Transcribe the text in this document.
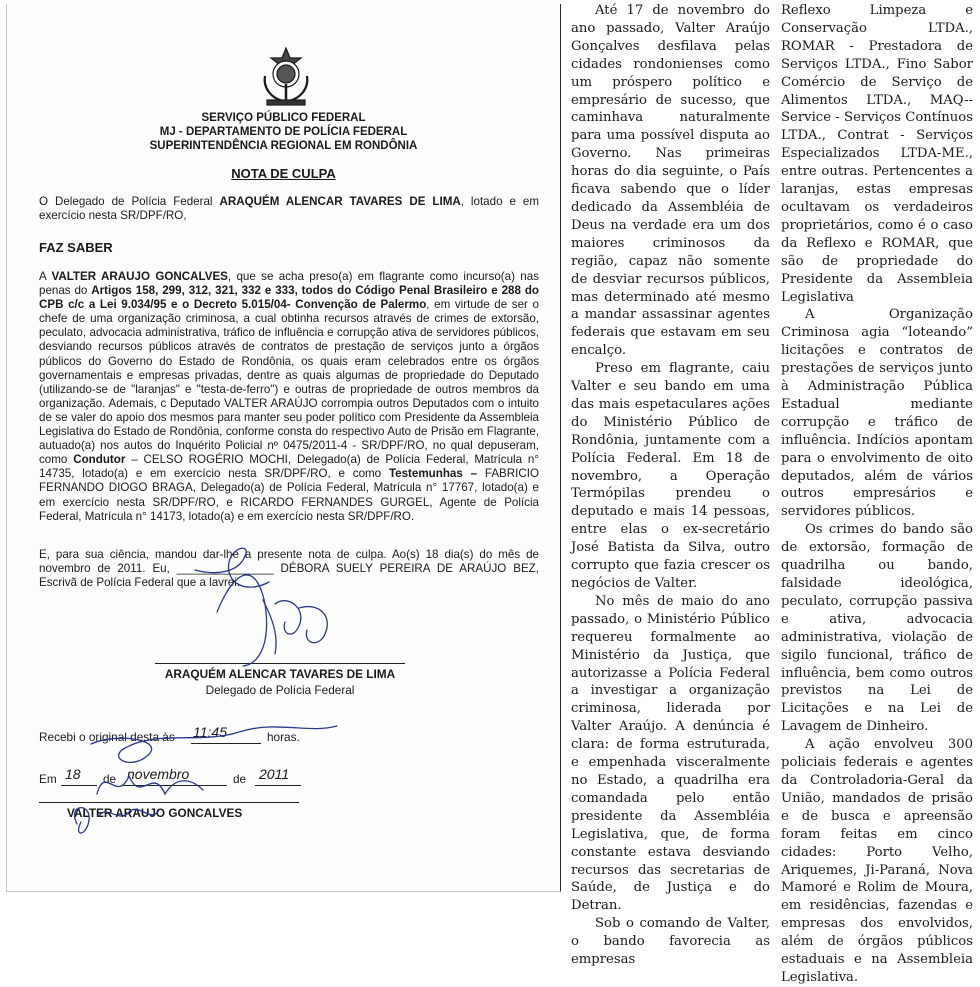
SERVIÇO PÚBLICO FEDERAL
MJ - DEPARTAMENTO DE POLÍCIA FEDERAL
SUPERINTENDÊNCIA REGIONAL EM RONDÔNIA
NOTA DE CULPA
O Delegado de Polícia Federal ARAQUÉM ALENCAR TAVARES DE LIMA, lotado e em exercício nesta SR/DPF/RO,
FAZ SABER
A VALTER ARAUJO GONCALVES, que se acha preso(a) em flagrante como incurso(a) nas penas do Artigos 158, 299, 312, 321, 332 e 333, todos do Código Penal Brasileiro e 288 do CPB c/c a Lei 9.034/95 e o Decreto 5.015/04- Convenção de Palermo, em virtude de ser o chefe de uma organização criminosa, a cual obtinha recursos através de crimes de extorsão, peculato, advocacia administrativa, tráfico de influência e corrupção ativa de servidores públicos, desviando recursos públicos através de contratos de prestação de serviços junto a órgãos públicos do Governo do Estado de Rondônia, os quais eram celebrados entre os órgãos governamentais e empresas privadas, dentre as quais algumas de propriedade do Deputado (utilizando-se de "laranjas" e "testa-de-ferro") e outras de propriedade de outros membros da organização. Ademais, c Deputado VALTER ARAÚJO corrompia outros Deputados com o intuito de se valer do apoio dos mesmos para manter seu poder político com Presidente da Assembleia Legislativa do Estado de Rondônia, conforme consta do respectivo Auto de Prisão em Flagrante, autuado(a) nos autos do Inquérito Policial nº 0475/2011-4 - SR/DPF/RO, no qual depuseram, como Condutor – CELSO ROGÉRIO MOCHI, Delegado(a) de Polícia Federal, Matrícula n° 14735, lotado(a) e em exercício nesta SR/DPF/RO, e como Testemunhas – FABRICIO FERNANDO DIOGO BRAGA, Delegado(a) de Polícia Federal, Matrícula n° 17767, lotado(a) e em exercício nesta SR/DPF/RO, e RICARDO FERNANDES GURGEL, Agente de Polícia Federal, Matrícula n° 14173, lotado(a) e em exercício nesta SR/DPF/RO.
E, para sua ciência, mandou dar-lhe a presente nota de culpa. Ao(s) 18 dia(s) do mês de novembro de 2011. Eu, _______________ DÉBORA SUELY PEREIRA DE ARAÚJO BEZ, Escrivã de Polícia Federal que a lavrei.
ARAQUÉM ALENCAR TAVARES DE LIMA
Delegado de Polícia Federal
Recebi o original desta às 11:45	horas.
Em 18 de novembro	de 2011
VALTER ARAUJO GONCALVES

Até 17 de novembro do ano passado, Valter Araújo Gonçalves desfilava pelas cidades rondonienses como um próspero político e empresário de sucesso, que caminhava naturalmente para uma possível disputa ao Governo. Nas primeiras horas do dia seguinte, o País ficava sabendo que o líder dedicado da Assembléia de Deus na verdade era um dos maiores criminosos da região, capaz não somente de desviar recursos públicos, mas determinado até mesmo a mandar assassinar agentes federais que estavam em seu encalço.

Preso em flagrante, caiu Valter e seu bando em uma das mais espetaculares ações do Ministério Público de Rondônia, juntamente com a Polícia Federal. Em 18 de novembro, a Operação Termópilas prendeu o deputado e mais 14 pessoas, entre elas o ex-secretário José Batista da Silva, outro corrupto que fazia crescer os negócios de Valter.

No mês de maio do ano passado, o Ministério Público requereu formalmente ao Ministério da Justiça, que autorizasse a Polícia Federal a investigar a organização criminosa, liderada por Valter Araújo. A denúncia é clara: de forma estruturada, e empenhada visceralmente no Estado, a quadrilha era comandada pelo então presidente da Assembléia Legislativa, que, de forma constante estava desviando recursos das secretarias de Saúde, de Justiça e do Detran.

Sob o comando de Valter, o bando favorecia as empresas

Reflexo Limpeza e Conservação LTDA., ROMAR - Prestadora de Serviços LTDA., Fino Sabor Comércio de Serviço de Alimentos LTDA., MAQ--Service - Serviços Contínuos LTDA., Contrat - Serviços Especializados LTDA-ME., entre outras. Pertencentes a laranjas, estas empresas ocultavam os verdadeiros proprietários, como é o caso da Reflexo e ROMAR, que são de propriedade do Presidente da Assembleia Legislativa

A Organização Criminosa agia “loteando” licitações e contratos de prestações de serviços junto à Administração Pública Estadual mediante corrupção e tráfico de influência. Indícios apontam para o envolvimento de oito deputados, além de vários outros empresários e servidores públicos.

Os crimes do bando são de extorsão, formação de quadrilha ou bando, falsidade ideológica, peculato, corrupção passiva e ativa, advocacia administrativa, violação de sigilo funcional, tráfico de influência, bem como outros previstos na Lei de Licitações e na Lei de Lavagem de Dinheiro.

A ação envolveu 300 policiais federais e agentes da Controladoria-Geral da União, mandados de prisão e de busca e apreensão foram feitas em cinco cidades: Porto Velho, Ariquemes, Ji-Paraná, Nova Mamoré e Rolim de Moura, em residências, fazendas e empresas dos envolvidos, além de órgãos públicos estaduais e na Assembleia Legislativa.
